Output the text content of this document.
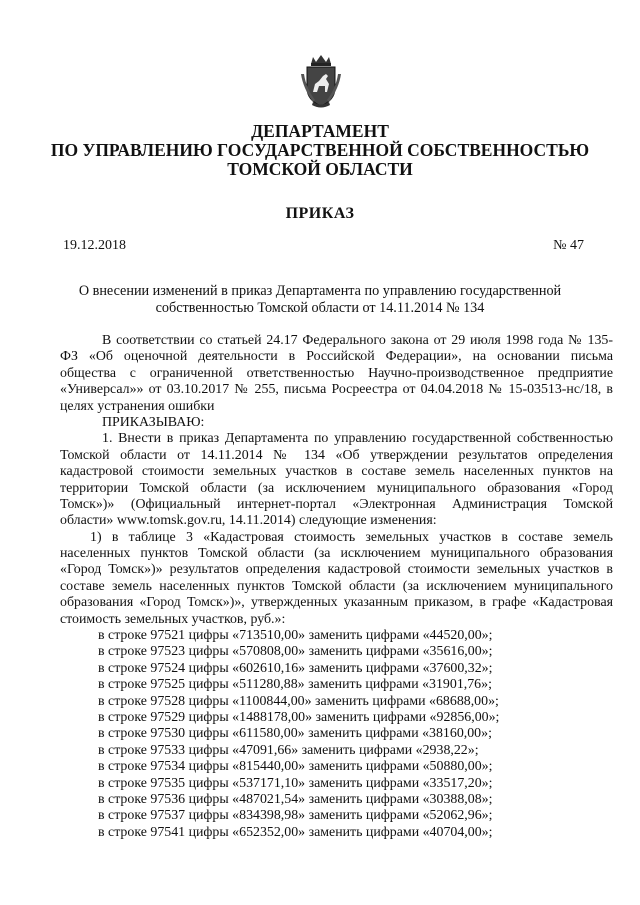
ДЕПАРТАМЕНТ
ПО УПРАВЛЕНИЮ ГОСУДАРСТВЕННОЙ СОБСТВЕННОСТЬЮ
ТОМСКОЙ ОБЛАСТИ
ПРИКАЗ
19.12.2018	№ 47
О внесении изменений в приказ Департамента по управлению государственной
собственностью Томской области от 14.11.2014 № 134
В соответствии со статьей 24.17 Федерального закона от 29 июля 1998 года № 135-
ФЗ «Об оценочной деятельности в Российской Федерации», на основании письма
общества с ограниченной ответственностью Научно-производственное предприятие
«Универсал»» от 03.10.2017 № 255, письма Росреестра от 04.04.2018 № 15-03513-нс/18, в
целях устранения ошибки
ПРИКАЗЫВАЮ:
1. Внести в приказ Департамента по управлению государственной собственностью
Томской области от 14.11.2014 № 134 «Об утверждении результатов определения
кадастровой стоимости земельных участков в составе земель населенных пунктов на
территории Томской области (за исключением муниципального образования «Город
Томск»)» (Официальный интернет-портал «Электронная Администрация Томской
области» www.tomsk.gov.ru, 14.11.2014) следующие изменения:
1) в таблице 3 «Кадастровая стоимость земельных участков в составе земель
населенных пунктов Томской области (за исключением муниципального образования
«Город Томск»)» результатов определения кадастровой стоимости земельных участков в
составе земель населенных пунктов Томской области (за исключением муниципального
образования «Город Томск»)», утвержденных указанным приказом, в графе «Кадастровая
стоимость земельных участков, руб.»:
в строке 97521 цифры «713510,00» заменить цифрами «44520,00»;
в строке 97523 цифры «570808,00» заменить цифрами «35616,00»;
в строке 97524 цифры «602610,16» заменить цифрами «37600,32»;
в строке 97525 цифры «511280,88» заменить цифрами «31901,76»;
в строке 97528 цифры «1100844,00» заменить цифрами «68688,00»;
в строке 97529 цифры «1488178,00» заменить цифрами «92856,00»;
в строке 97530 цифры «611580,00» заменить цифрами «38160,00»;
в строке 97533 цифры «47091,66» заменить цифрами «2938,22»;
в строке 97534 цифры «815440,00» заменить цифрами «50880,00»;
в строке 97535 цифры «537171,10» заменить цифрами «33517,20»;
в строке 97536 цифры «487021,54» заменить цифрами «30388,08»;
в строке 97537 цифры «834398,98» заменить цифрами «52062,96»;
в строке 97541 цифры «652352,00» заменить цифрами «40704,00»;
